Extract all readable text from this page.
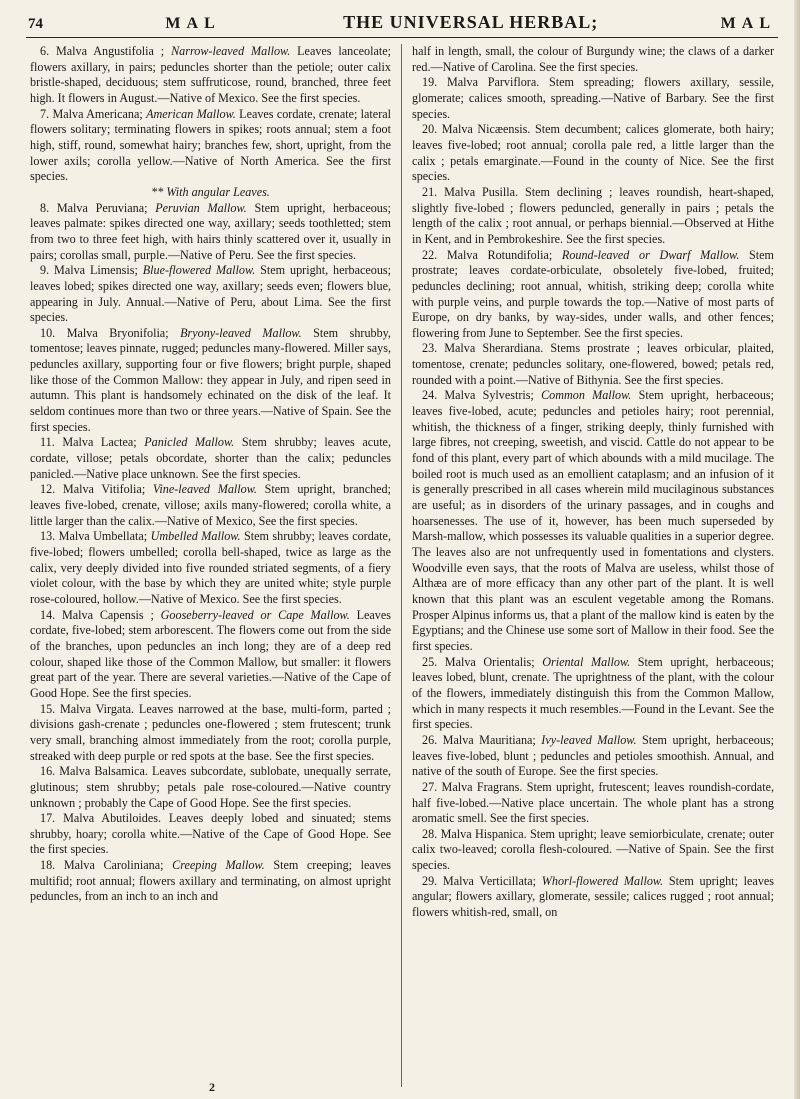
74	MAL	THE UNIVERSAL HERBAL;	MAL

6. Malva Angustifolia ; Narrow-leaved Mallow. Leaves lanceolate; flowers axillary, in pairs; peduncles shorter than the petiole; outer calix bristle-shaped, deciduous; stem suffruticose, round, branched, three feet high. It flowers in August.—Native of Mexico. See the first species.

7. Malva Americana; American Mallow. Leaves cordate, crenate; lateral flowers solitary; terminating flowers in spikes; roots annual; stem a foot high, stiff, round, somewhat hairy; branches few, short, upright, from the lower axils; corolla yellow.—Native of North America. See the first species.

** With angular Leaves.

8. Malva Peruviana; Peruvian Mallow. Stem upright, herbaceous; leaves palmate: spikes directed one way, axillary; seeds toothletted; stem from two to three feet high, with hairs thinly scattered over it, usually in pairs; corollas small, purple.—Native of Peru. See the first species.

9. Malva Limensis; Blue-flowered Mallow. Stem upright, herbaceous; leaves lobed; spikes directed one way, axillary; seeds even; flowers blue, appearing in July. Annual.—Native of Peru, about Lima. See the first species.

10. Malva Bryonifolia; Bryony-leaved Mallow. Stem shrubby, tomentose; leaves pinnate, rugged; peduncles many-flowered. Miller says, peduncles axillary, supporting four or five flowers; bright purple, shaped like those of the Common Mallow: they appear in July, and ripen seed in autumn. This plant is handsomely echinated on the disk of the leaf. It seldom continues more than two or three years.—Native of Spain. See the first species.

11. Malva Lactea; Panicled Mallow. Stem shrubby; leaves acute, cordate, villose; petals obcordate, shorter than the calix; peduncles panicled.—Native place unknown. See the first species.

12. Malva Vitifolia; Vine-leaved Mallow. Stem upright, branched; leaves five-lobed, crenate, villose; axils many-flowered; corolla white, a little larger than the calix.—Native of Mexico, See the first species.

13. Malva Umbellata; Umbelled Mallow. Stem shrubby; leaves cordate, five-lobed; flowers umbelled; corolla bell-shaped, twice as large as the calix, very deeply divided into five rounded striated segments, of a fiery violet colour, with the base by which they are united white; style purple rose-coloured, hollow.—Native of Mexico. See the first species.

14. Malva Capensis ; Gooseberry-leaved or Cape Mallow. Leaves cordate, five-lobed; stem arborescent. The flowers come out from the side of the branches, upon peduncles an inch long; they are of a deep red colour, shaped like those of the Common Mallow, but smaller: it flowers great part of the year. There are several varieties.—Native of the Cape of Good Hope. See the first species.

15. Malva Virgata. Leaves narrowed at the base, multi-form, parted ; divisions gash-crenate ; peduncles one-flowered ; stem frutescent; trunk very small, branching almost immediately from the root; corolla purple, streaked with deep purple or red spots at the base. See the first species.

16. Malva Balsamica. Leaves subcordate, sublobate, unequally serrate, glutinous; stem shrubby; petals pale rose-coloured.—Native country unknown ; probably the Cape of Good Hope. See the first species.

17. Malva Abutiloides. Leaves deeply lobed and sinuated; stems shrubby, hoary; corolla white.—Native of the Cape of Good Hope. See the first species.

18. Malva Caroliniana; Creeping Mallow. Stem creeping; leaves multifid; root annual; flowers axillary and terminating, on almost upright peduncles, from an inch to an inch and

half in length, small, the colour of Burgundy wine; the claws of a darker red.—Native of Carolina. See the first species.

19. Malva Parviflora. Stem spreading; flowers axillary, sessile, glomerate; calices smooth, spreading.—Native of Barbary. See the first species.

20. Malva Nicæensis. Stem decumbent; calices glomerate, both hairy; leaves five-lobed; root annual; corolla pale red, a little larger than the calix ; petals emarginate.—Found in the county of Nice. See the first species.

21. Malva Pusilla. Stem declining ; leaves roundish, heart-shaped, slightly five-lobed ; flowers peduncled, generally in pairs ; petals the length of the calix ; root annual, or perhaps biennial.—Observed at Hithe in Kent, and in Pembrokeshire. See the first species.

22. Malva Rotundifolia; Round-leaved or Dwarf Mallow. Stem prostrate; leaves cordate-orbiculate, obsoletely five-lobed, fruited; peduncles declining; root annual, whitish, striking deep; corolla white with purple veins, and purple towards the top.—Native of most parts of Europe, on dry banks, by way-sides, under walls, and other fences; flowering from June to September. See the first species.

23. Malva Sherardiana. Stems prostrate ; leaves orbicular, plaited, tomentose, crenate; peduncles solitary, one-flowered, bowed; petals red, rounded with a point.—Native of Bithynia. See the first species.

24. Malva Sylvestris; Common Mallow. Stem upright, herbaceous; leaves five-lobed, acute; peduncles and petioles hairy; root perennial, whitish, the thickness of a finger, striking deeply, thinly furnished with large fibres, not creeping, sweetish, and viscid. Cattle do not appear to be fond of this plant, every part of which abounds with a mild mucilage. The boiled root is much used as an emollient cataplasm; and an infusion of it is generally prescribed in all cases wherein mild mucilaginous substances are useful; as in disorders of the urinary passages, and in coughs and hoarsenesses. The use of it, however, has been much superseded by Marsh-mallow, which possesses its valuable qualities in a superior degree. The leaves also are not unfrequently used in fomentations and clysters. Woodville even says, that the roots of Malva are useless, whilst those of Althæa are of more efficacy than any other part of the plant. It is well known that this plant was an esculent vegetable among the Romans. Prosper Alpinus informs us, that a plant of the mallow kind is eaten by the Egyptians; and the Chinese use some sort of Mallow in their food. See the first species.

25. Malva Orientalis; Oriental Mallow. Stem upright, herbaceous; leaves lobed, blunt, crenate. The uprightness of the plant, with the colour of the flowers, immediately distinguish this from the Common Mallow, which in many respects it much resembles.—Found in the Levant. See the first species.

26. Malva Mauritiana; Ivy-leaved Mallow. Stem upright, herbaceous; leaves five-lobed, blunt ; peduncles and petioles smoothish. Annual, and native of the south of Europe. See the first species.

27. Malva Fragrans. Stem upright, frutescent; leaves roundish-cordate, half five-lobed.—Native place uncertain. The whole plant has a strong aromatic smell. See the first species.

28. Malva Hispanica. Stem upright; leave semiorbiculate, crenate; outer calix two-leaved; corolla flesh-coloured. —Native of Spain. See the first species.

29. Malva Verticillata; Whorl-flowered Mallow. Stem upright; leaves angular; flowers axillary, glomerate, sessile; calices rugged ; root annual; flowers whitish-red, small, on

2
